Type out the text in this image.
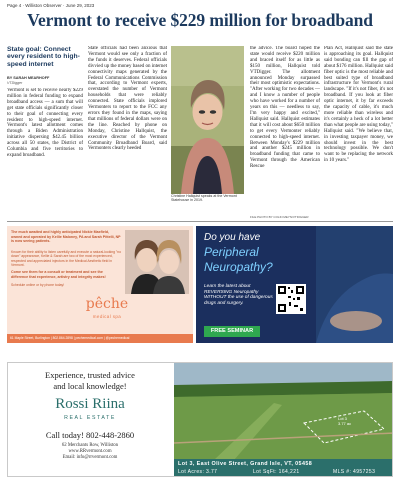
Page 4 · Williston Observer · June 29, 2023
Vermont to receive $229 million for broadband
State goal: Connect every resident to high-speed internet
BY SARAH MEARHOFF
VTDigger
Vermont is set to receive nearly $229 million in federal funding to expand broadband access — a sum that will get state officials significantly closer to their goal of connecting every resident to high-speed internet. Vermont's latest allotment comes through a Biden Administration initiative dispersing $42.45 billion across all 50 states, the District of Columbia and five territories to expand broadband.
State officials had been anxious that Vermont would see only a fraction of the funds it deserves. Federal officials divvied up the money based on internet connectivity maps generated by the Federal Communications Commission that, according to Vermont experts, overstated the number of Vermont households that were reliably connected. State officials implored Vermonters to report to the FCC any errors they found in the maps, saying that millions of federal dollars were on the line. Reached by phone on Monday, Christine Hallquist, the executive director of the Vermont Community Broadband Board, said Vermonters clearly heeded
Christine Hallquist speaks at the Vermont Statehouse in 2019.
the advice. The board hoped the state would receive $220 million and braced itself for as little as $150 million, Hallquist told VTDigger. The allotment announced Monday surpassed their most optimistic expectations. "After working for two decades — and I know a number of people who have worked for a number of years on this — needless to say, I'm very happy and excited," Hallquist said. Hallquist estimates that it will cost about $650 million to get every Vermonter reliably connected to high-speed internet. Between Monday's $229 million and another $245 million in broadband funding that came to Vermont through the American Rescue
Plan Act, Hallquist said the state is approaching its goal. Hallquist said bonding can fill the gap of about $176 million. Hallquist said fiber optic is the most reliable and best suited type of broadband infrastructure for Vermont's rural landscape. "If it's not fiber, it's not broadband. If you look at fiber optic internet, it by far exceeds the capacity of cable, it's much more reliable than wireless and it's certainly a heck of a lot better than what people are using today," Hallquist said. "We believe that, in investing taxpayer money, we should invest in the best technology possible. We don't want to be replacing the network in 10 years."
FILE PHOTO BY COLIN MEYN/VTDIGGER
The much awaited and highly anticipated Nickie Maxfield, owned and operated by Kellie Maloney, PA and Sarah Pittelli, NP is now seeing patients.
Known for their ability to listen carefully and execute a natural-looking "no down" appearance, Kellie & Sarah are two of the most experienced, respected and appreciated injectors in the Medical Aesthetic field in Vermont.
Come see them for a consult or treatment and see the difference that experience, artistry and integrity makes!
Schedule online or by phone today!
pêche
medical spa
61 Maple Street, Burlington | 802.864.2898 | pechemedical.com | @pechemedical
Do you have
Peripheral
Neuropathy?
Learn the latest about REVERSING Neuropathy WITHOUT the use of dangerous drugs and surgery.
FREE SEMINAR
Experience, trusted advice
and local knowledge!
Rossi Riina
REAL ESTATE
Call today! 802-448-2860
62 Merchants Row, Williston
www.RRvermont.com
Email: info@rrvermont.com
Lot 3
3.77 ac
Lot 3, East Olive Street, Grand Isle, VT, 05458
Lot Acres: 3.77	Lot SqFt: 164,221	MLS #: 4957253
